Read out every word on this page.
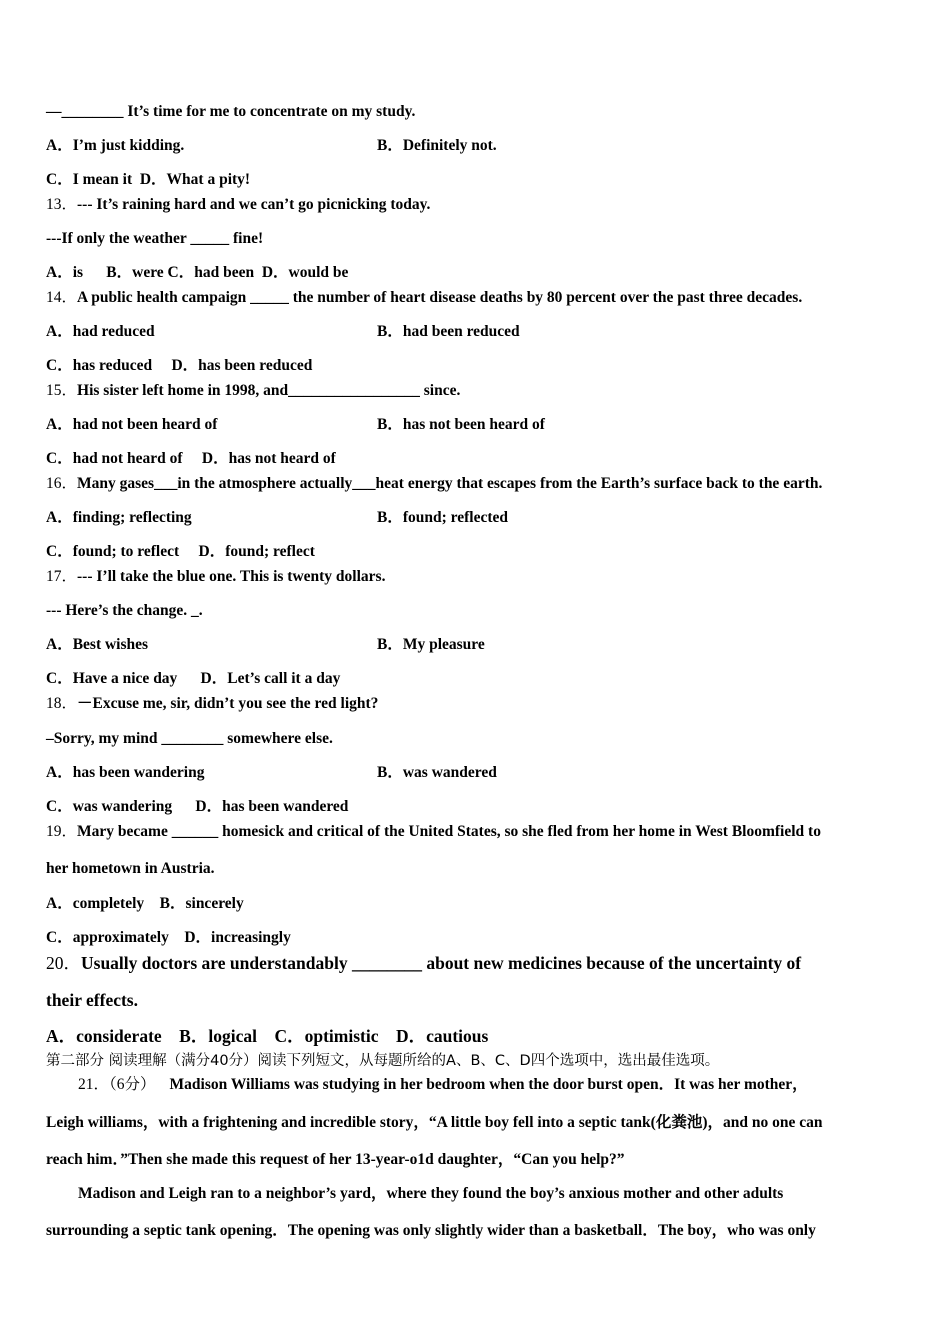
—________ It’s time for me to concentrate on my study.
A．I’m just kidding.	B．Definitely not.
C．I mean it  D．What a pity!
13．--- It’s raining hard and we can’t go picnicking today.
---If only the weather _____ fine!
A．is      B．were C．had been  D．would be
14．A public health campaign _____ the number of heart disease deaths by 80 percent over the past three decades.
A．had reduced	B．had been reduced
C．has reduced     D．has been reduced
15．His sister left home in 1998, and_________________ since.
A．had not been heard of	B．has not been heard of
C．had not heard of     D．has not heard of
16．Many gases___in the atmosphere actually___heat energy that escapes from the Earth’s surface back to the earth.
A．finding; reflecting	B．found; reflected
C．found; to reflect     D．found; reflect
17．--- I’ll take the blue one. This is twenty dollars.
--- Here’s the change. _.
A．Best wishes	B．My pleasure
C．Have a nice day      D．Let’s call it a day
18．－Excuse me, sir, didn’t you see the red light?
–Sorry, my mind ________ somewhere else.
A．has been wandering	B．was wandered
C．was wandering      D．has been wandered
19．Mary became ______ homesick and critical of the United States, so she fled from her home in West Bloomfield to
her hometown in Austria.
A．completely    B．sincerely
C．approximately    D．increasingly
20．Usually doctors are understandably ________ about new medicines because of the uncertainty of
their effects.
A．considerate    B．logical    C．optimistic    D．cautious
第二部分 阅读理解（满分40分）阅读下列短文，从每题所给的A、B、C、D四个选项中，选出最佳选项。
21．（6分） Madison Williams was studying in her bedroom when the door burst open．It was her mother，
Leigh williams，with a frightening and incredible story，“A little boy fell into a septic tank(化粪池)，and no one can
reach him．”Then she made this request of her 13-year-o1d daughter，“Can you help?”
Madison and Leigh ran to a neighbor’s yard，where they found the boy’s anxious mother and other adults
surrounding a septic tank opening．The opening was only slightly wider than a basketball．The boy，who was only
